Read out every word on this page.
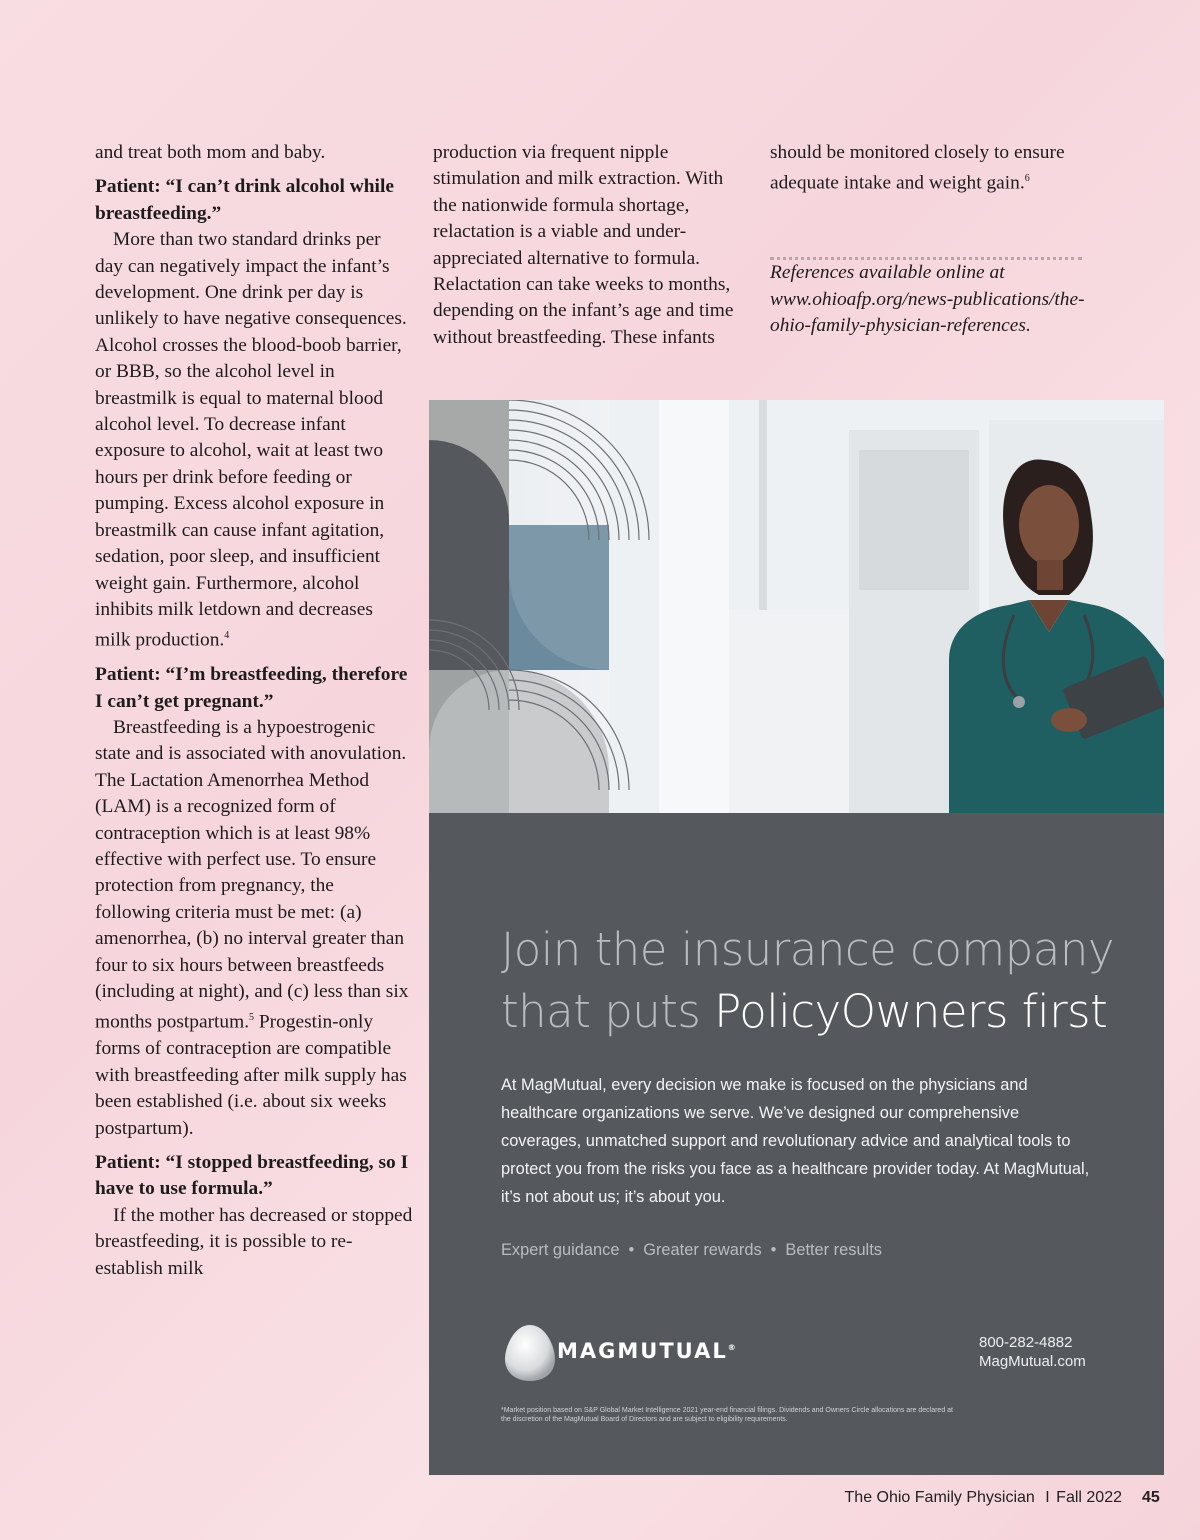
and treat both mom and baby.

Patient: “I can’t drink alcohol while breastfeeding.”

More than two standard drinks per day can negatively impact the infant’s development. One drink per day is unlikely to have negative consequences. Alcohol crosses the blood-boob barrier, or BBB, so the alcohol level in breastmilk is equal to maternal blood alcohol level. To decrease infant exposure to alcohol, wait at least two hours per drink before feeding or pumping. Excess alcohol exposure in breastmilk can cause infant agitation, sedation, poor sleep, and insufficient weight gain. Furthermore, alcohol inhibits milk letdown and decreases milk production.$^4$

Patient: “I’m breastfeeding, therefore I can’t get pregnant.”

Breastfeeding is a hypoestrogenic state and is associated with anovulation. The Lactation Amenorrhea Method (LAM) is a recognized form of contraception which is at least 98% effective with perfect use. To ensure protection from pregnancy, the following criteria must be met: (a) amenorrhea, (b) no interval greater than four to six hours between breastfeeds (including at night), and (c) less than six months postpartum.$^5$ Progestin-only forms of contraception are compatible with breastfeeding after milk supply has been established (i.e. about six weeks postpartum).

Patient: “I stopped breastfeeding, so I have to use formula.”

If the mother has decreased or stopped breastfeeding, it is possible to re-establish milk

production via frequent nipple stimulation and milk extraction. With the nationwide formula shortage, relactation is a viable and under-appreciated alternative to formula. Relactation can take weeks to months, depending on the infant’s age and time without breastfeeding. These infants

should be monitored closely to ensure adequate intake and weight gain.$^6$

References available online at www.ohioafp.org/news-publications/the-ohio-family-physician-references.

Join the insurance company that puts PolicyOwners first

At MagMutual, every decision we make is focused on the physicians and healthcare organizations we serve. We’ve designed our comprehensive coverages, unmatched support and revolutionary advice and analytical tools to protect you from the risks you face as a healthcare provider today. At MagMutual, it’s not about us; it’s about you.

Expert guidance • Greater rewards • Better results
MAGMUTUAL®	800-282-4882
MagMutual.com

*Market position based on S&P Global Market Intelligence 2021 year-end financial filings. Dividends and Owners Circle allocations are declared at the discretion of the MagMutual Board of Directors and are subject to eligibility requirements.

The Ohio Family Physician I Fall 2022 45
